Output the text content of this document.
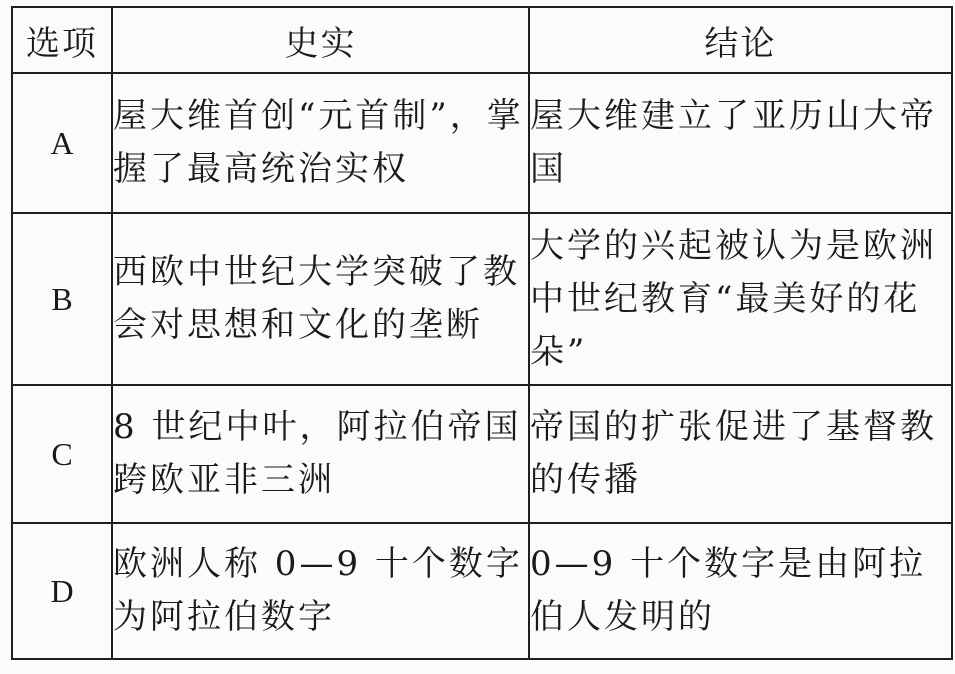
选项	史实	结论
A	屋大维首创“元首制”，掌握了最高统治实权	屋大维建立了亚历山大帝国
B	西欧中世纪大学突破了教会对思想和文化的垄断	大学的兴起被认为是欧洲中世纪教育“最美好的花朵”
C	8 世纪中叶，阿拉伯帝国跨欧亚非三洲	帝国的扩张促进了基督教的传播
D	欧洲人称 0—9 十个数字为阿拉伯数字	0—9 十个数字是由阿拉伯人发明的
